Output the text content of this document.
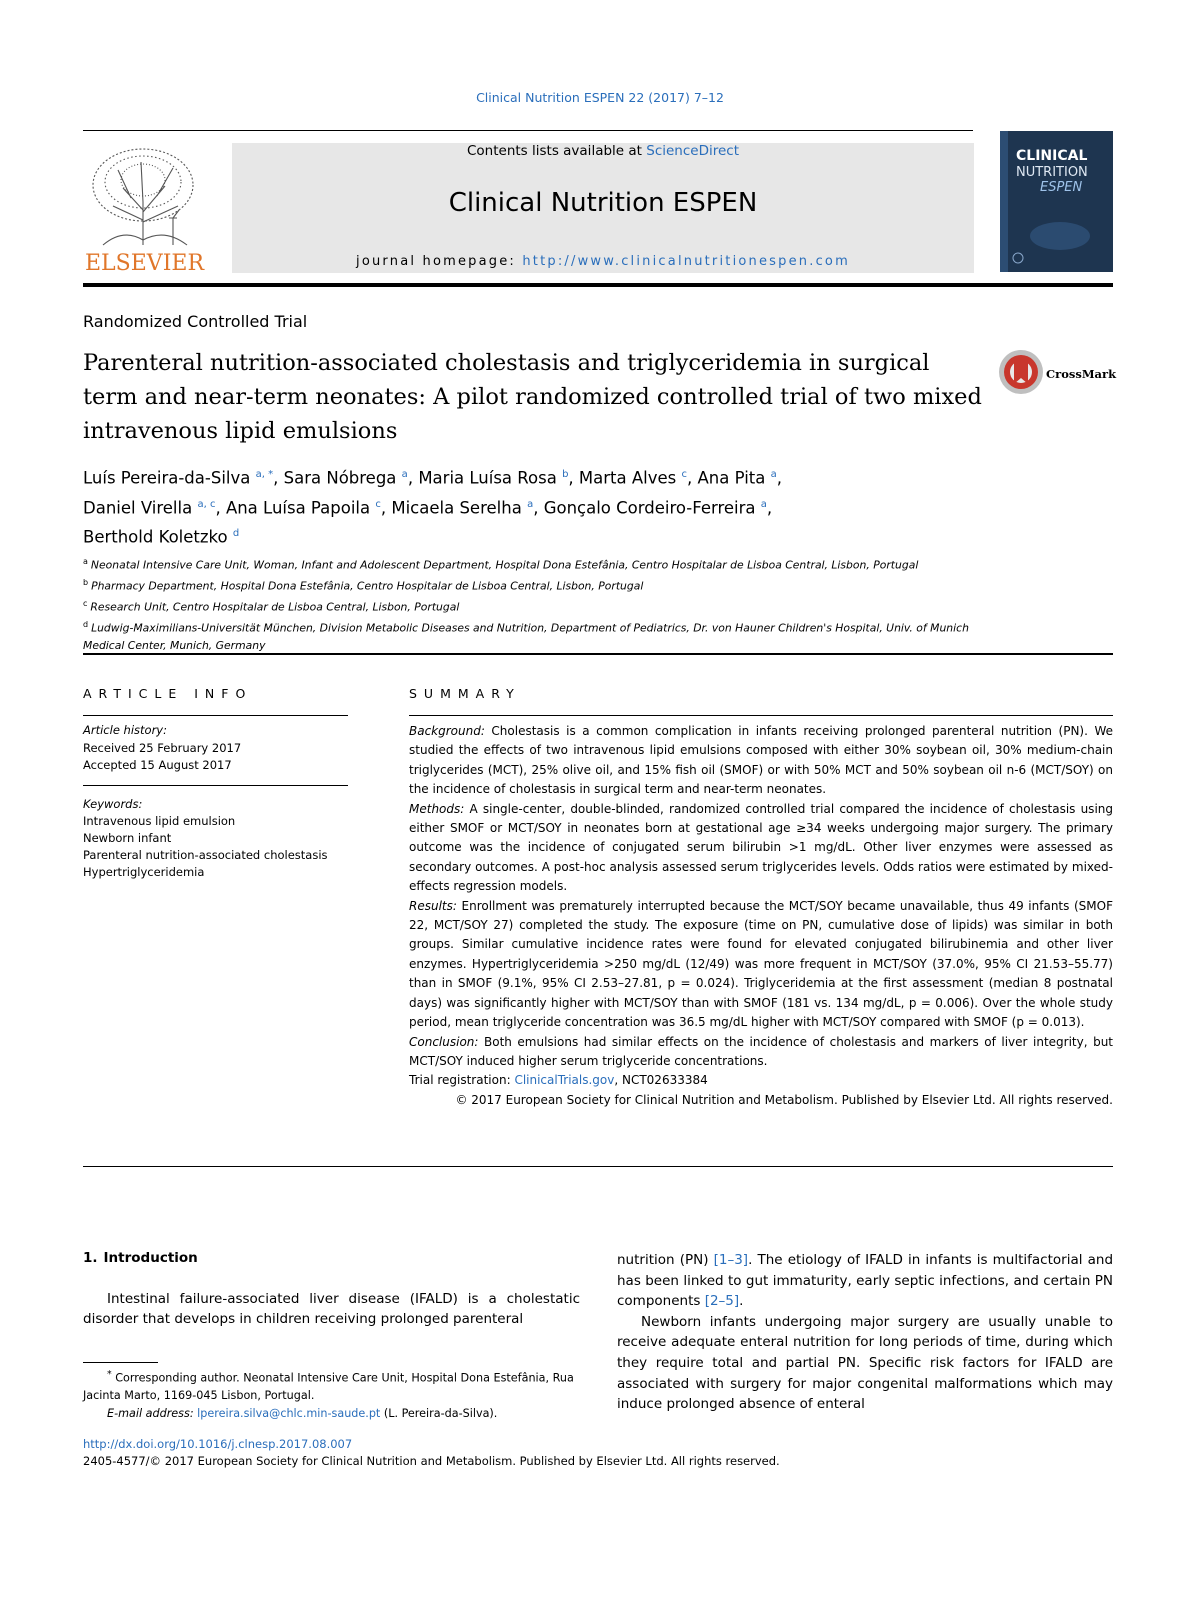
Clinical Nutrition ESPEN 22 (2017) 7–12
ELSEVIER
Contents lists available at ScienceDirect
Clinical Nutrition ESPEN
journal homepage: http://www.clinicalnutritionespen.com
CLINICAL
NUTRITION
ESPEN
Randomized Controlled Trial
Parenteral nutrition-associated cholestasis and triglyceridemia in surgical term and near-term neonates: A pilot randomized controlled trial of two mixed intravenous lipid emulsions
CrossMark
Luís Pereira-da-Silva $^{a, *}$, Sara Nóbrega $^a$, Maria Luísa Rosa $^b$, Marta Alves $^c$, Ana Pita $^a$,
Daniel Virella $^{a, c}$, Ana Luísa Papoila $^c$, Micaela Serelha $^a$, Gonçalo Cordeiro-Ferreira $^a$,
Berthold Koletzko $^d$
$^a$ Neonatal Intensive Care Unit, Woman, Infant and Adolescent Department, Hospital Dona Estefânia, Centro Hospitalar de Lisboa Central, Lisbon, Portugal
$^b$ Pharmacy Department, Hospital Dona Estefânia, Centro Hospitalar de Lisboa Central, Lisbon, Portugal
$^c$ Research Unit, Centro Hospitalar de Lisboa Central, Lisbon, Portugal
$^d$ Ludwig-Maximilians-Universität München, Division Metabolic Diseases and Nutrition, Department of Pediatrics, Dr. von Hauner Children's Hospital, Univ. of Munich Medical Center, Munich, Germany
ARTICLE INFO	SUMMARY
Article history:
Received 25 February 2017
Accepted 15 August 2017
Keywords:
Intravenous lipid emulsion
Newborn infant
Parenteral nutrition-associated cholestasis
Hypertriglyceridemia

Background: Cholestasis is a common complication in infants receiving prolonged parenteral nutrition (PN). We studied the effects of two intravenous lipid emulsions composed with either 30% soybean oil, 30% medium-chain triglycerides (MCT), 25% olive oil, and 15% fish oil (SMOF) or with 50% MCT and 50% soybean oil n-6 (MCT/SOY) on the incidence of cholestasis in surgical term and near-term neonates.

Methods: A single-center, double-blinded, randomized controlled trial compared the incidence of cholestasis using either SMOF or MCT/SOY in neonates born at gestational age ≥34 weeks undergoing major surgery. The primary outcome was the incidence of conjugated serum bilirubin >1 mg/dL. Other liver enzymes were assessed as secondary outcomes. A post-hoc analysis assessed serum triglycerides levels. Odds ratios were estimated by mixed-effects regression models.

Results: Enrollment was prematurely interrupted because the MCT/SOY became unavailable, thus 49 infants (SMOF 22, MCT/SOY 27) completed the study. The exposure (time on PN, cumulative dose of lipids) was similar in both groups. Similar cumulative incidence rates were found for elevated conjugated bilirubinemia and other liver enzymes. Hypertriglyceridemia >250 mg/dL (12/49) was more frequent in MCT/SOY (37.0%, 95% CI 21.53–55.77) than in SMOF (9.1%, 95% CI 2.53–27.81, p = 0.024). Triglyceridemia at the first assessment (median 8 postnatal days) was significantly higher with MCT/SOY than with SMOF (181 vs. 134 mg/dL, p = 0.006). Over the whole study period, mean triglyceride concentration was 36.5 mg/dL higher with MCT/SOY compared with SMOF (p = 0.013).

Conclusion: Both emulsions had similar effects on the incidence of cholestasis and markers of liver integrity, but MCT/SOY induced higher serum triglyceride concentrations.

Trial registration: ClinicalTrials.gov, NCT02633384

© 2017 European Society for Clinical Nutrition and Metabolism. Published by Elsevier Ltd. All rights reserved.

1. Introduction

Intestinal failure-associated liver disease (IFALD) is a cholestatic disorder that develops in children receiving prolonged parenteral

* Corresponding author. Neonatal Intensive Care Unit, Hospital Dona Estefânia, Rua Jacinta Marto, 1169-045 Lisbon, Portugal.

E-mail address: lpereira.silva@chlc.min-saude.pt (L. Pereira-da-Silva).

nutrition (PN) [1–3]. The etiology of IFALD in infants is multifactorial and has been linked to gut immaturity, early septic infections, and certain PN components [2–5].

Newborn infants undergoing major surgery are usually unable to receive adequate enteral nutrition for long periods of time, during which they require total and partial PN. Specific risk factors for IFALD are associated with surgery for major congenital malformations which may induce prolonged absence of enteral

http://dx.doi.org/10.1016/j.clnesp.2017.08.007
2405-4577/© 2017 European Society for Clinical Nutrition and Metabolism. Published by Elsevier Ltd. All rights reserved.
